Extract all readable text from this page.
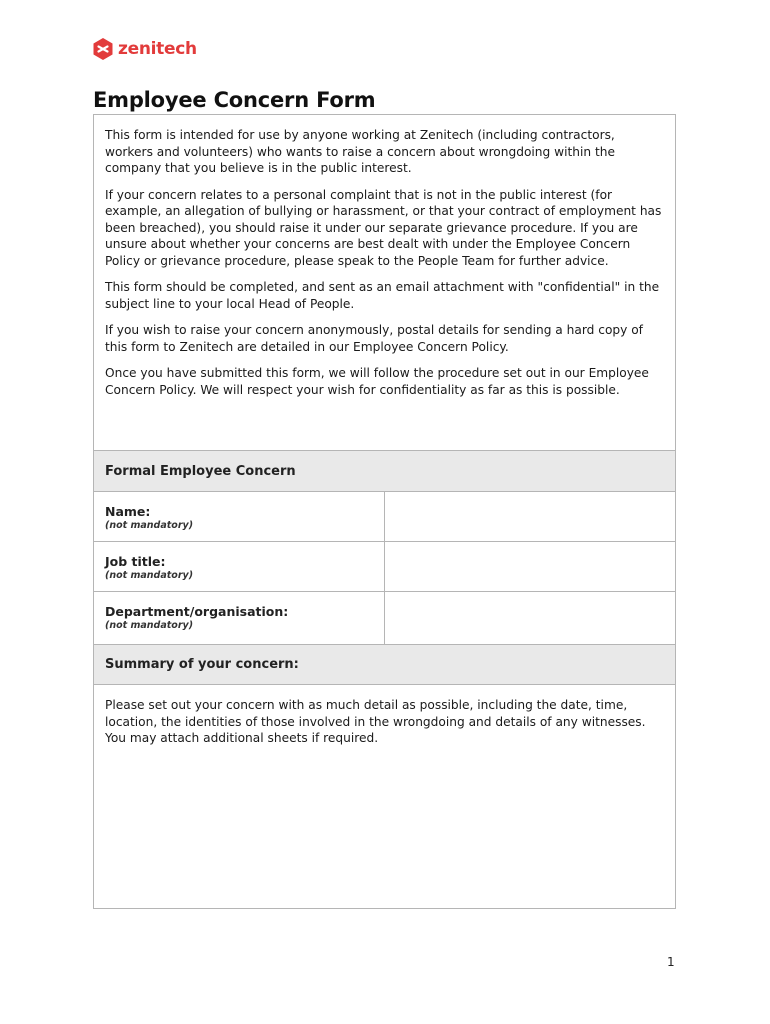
zenitech
Employee Concern Form

This form is intended for use by anyone working at Zenitech (including contractors, workers and volunteers) who wants to raise a concern about wrongdoing within the company that you believe is in the public interest.

If your concern relates to a personal complaint that is not in the public interest (for example, an allegation of bullying or harassment, or that your contract of employment has been breached), you should raise it under our separate grievance procedure. If you are unsure about whether your concerns are best dealt with under the Employee Concern Policy or grievance procedure, please speak to the People Team for further advice.

This form should be completed, and sent as an email attachment with "confidential" in the subject line to your local Head of People.

If you wish to raise your concern anonymously, postal details for sending a hard copy of this form to Zenitech are detailed in our Employee Concern Policy.

Once you have submitted this form, we will follow the procedure set out in our Employee Concern Policy. We will respect your wish for confidentiality as far as this is possible.

Formal Employee Concern
Name:
(not mandatory)
Job title:
(not mandatory)
Department/organisation:
(not mandatory)
Summary of your concern:

Please set out your concern with as much detail as possible, including the date, time, location, the identities of those involved in the wrongdoing and details of any witnesses. You may attach additional sheets if required.

1
